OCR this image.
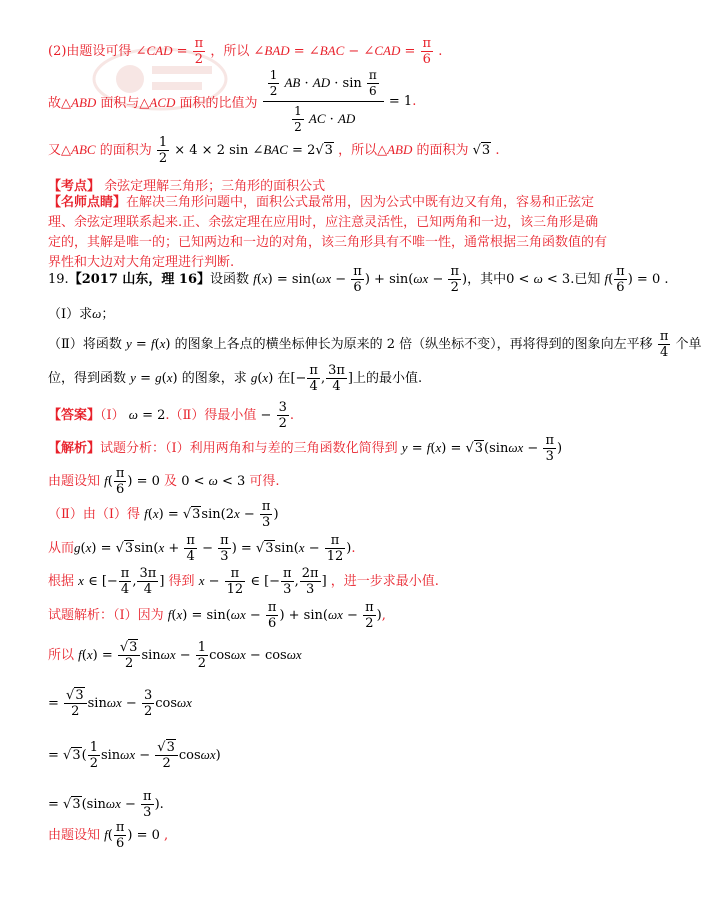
(2)由题设可得 ∠CAD = $\frac{\pi}{2}$ ，所以 ∠BAD = ∠BAC − ∠CAD = $\frac{\pi}{6}$ .
故△ABD 面积与△ACD 面积的比值为 $\frac{\frac{1}{2} AB \cdot AD \cdot \sin \frac{\pi}{6}}{\frac{1}{2} AC \cdot AD} = 1$.
又△ABC 的面积为 $\frac{1}{2} \times 4 \times 2$ sin ∠BAC = 2√3 ，所以△ABD 的面积为 √3 .
【考点】 余弦定理解三角形；三角形的面积公式
【名师点睛】在解决三角形问题中，面积公式最常用，因为公式中既有边又有角，容易和正弦定理、余弦定理联系起来.正、余弦定理在应用时，应注意灵活性，已知两角和一边，该三角形是确定的，其解是唯一的；已知两边和一边的对角，该三角形具有不唯一性，通常根据三角函数值的有界性和大边对大角定理进行判断.
19.【2017 山东，理 16】设函数 $f(x) = \sin(\omega x - \frac{\pi}{6}$ ) + $\sin(\omega x - \frac{\pi}{2}$ )，其中0 < ω < 3.已知 $f( \frac{\pi}{6}$ ) = 0 .
（Ⅰ）求ω；
（Ⅱ）将函数 y = f(x) 的图象上各点的横坐标伸长为原来的 2 倍（纵坐标不变），再将得到的图象向左平移 $\frac{\pi}{4}$ 个单
位，得到函数 y = g(x) 的图象，求 g(x) 在[− $\frac{\pi}{4}$ , $\frac{3\pi}{4}$ ]上的最小值.
【答案】（Ⅰ） ω = 2.（Ⅱ）得最小值 − $\frac{3}{2}$ .
【解析】试题分析：（Ⅰ）利用两角和与差的三角函数化简得到 $y = f(x) = √3(\sin\omega x - \frac{\pi}{3}$ )
由题设知 $f( \frac{\pi}{6}$ ) = 0 及 0 < ω < 3 可得.
（Ⅱ）由（Ⅰ）得 $f(x) = √3\sin(2x - \frac{\pi}{3}$ )
从而$g(x) = √3\sin(x + \frac{\pi}{4} - \frac{\pi}{3}$ ) = $√3\sin(x - \frac{\pi}{12}$ ).
根据 x ∈ [− $\frac{\pi}{4}$ , $\frac{3\pi}{4}$ ] 得到 $x - \frac{\pi}{12}$ ∈ [− $\frac{\pi}{3}$ , $\frac{2\pi}{3}$ ] ，进一步求最小值.
试题解析：（Ⅰ）因为 $f(x) = \sin(\omega x - \frac{\pi}{6}$ ) + $\sin(\omega x - \frac{\pi}{2}$ ),
所以 $f(x) = \frac{√3}{2}$ $\sin\omega x - \frac{1}{2}$ cosωx − cosωx
= $\frac{√3}{2}$ $\sin\omega x - \frac{3}{2}$ cosωx
= $√3( \frac{1}{2}$ $\sin\omega x - \frac{√3}{2} \cos\omega x$)
= $√3(\sin\omega x - \frac{\pi}{3}$ ).
由题设知 $f( \frac{\pi}{6}$ ) = 0 ,
